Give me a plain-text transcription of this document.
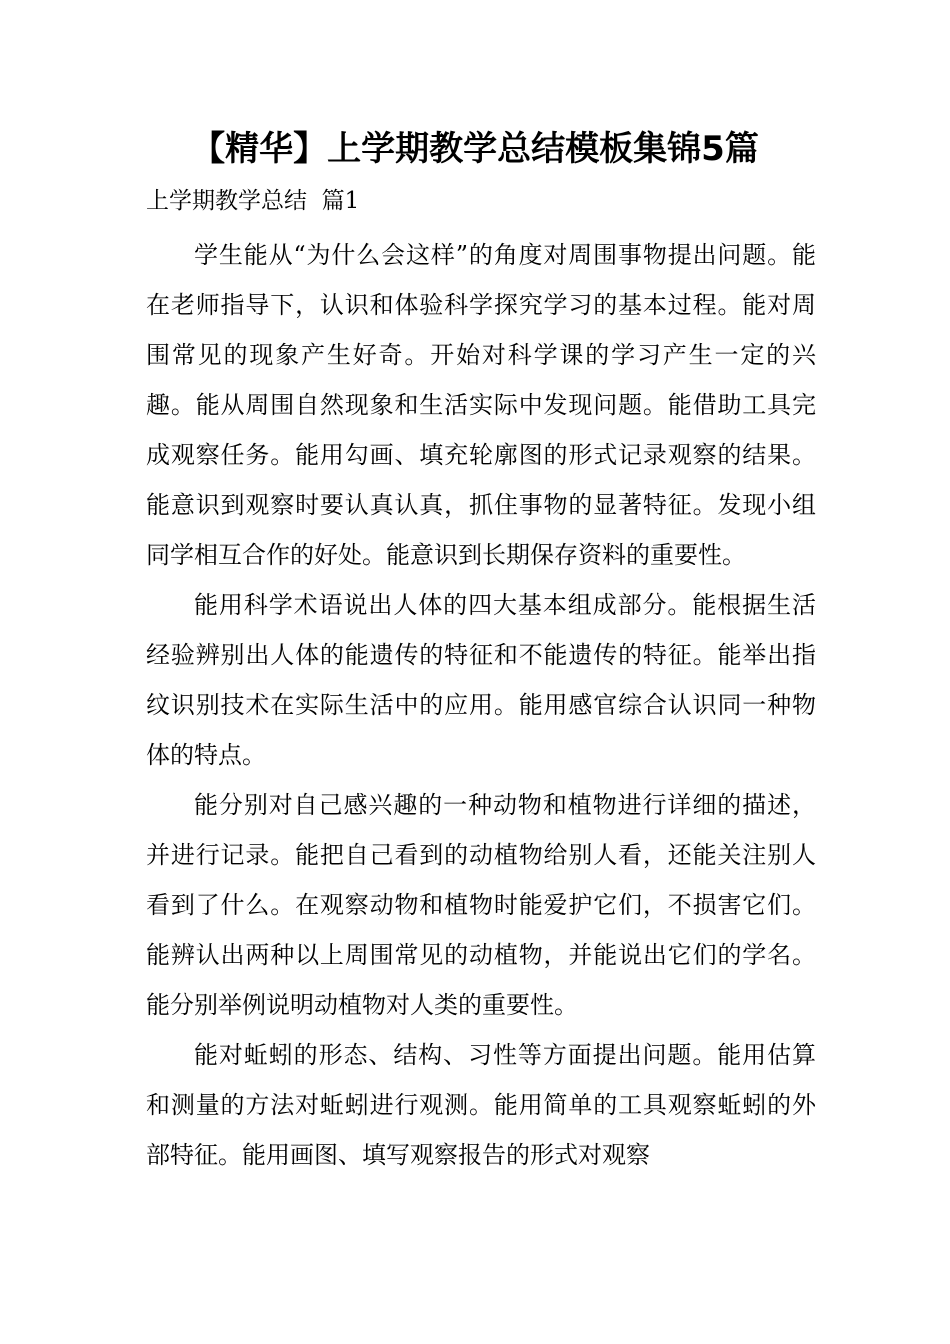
【精华】上学期教学总结模板集锦5篇
上学期教学总结  篇1

学生能从“为什么会这样”的角度对周围事物提出问题。能在老师指导下，认识和体验科学探究学习的基本过程。能对周围常见的现象产生好奇。开始对科学课的学习产生一定的兴趣。能从周围自然现象和生活实际中发现问题。能借助工具完成观察任务。能用勾画、填充轮廓图的形式记录观察的结果。能意识到观察时要认真认真，抓住事物的显著特征。发现小组同学相互合作的好处。能意识到长期保存资料的重要性。

能用科学术语说出人体的四大基本组成部分。能根据生活经验辨别出人体的能遗传的特征和不能遗传的特征。能举出指纹识别技术在实际生活中的应用。能用感官综合认识同一种物体的特点。

能分别对自己感兴趣的一种动物和植物进行详细的描述，并进行记录。能把自己看到的动植物给别人看，还能关注别人看到了什么。在观察动物和植物时能爱护它们，不损害它们。能辨认出两种以上周围常见的动植物，并能说出它们的学名。能分别举例说明动植物对人类的重要性。

能对蚯蚓的形态、结构、习性等方面提出问题。能用估算和测量的方法对蚯蚓进行观测。能用简单的工具观察蚯蚓的外部特征。能用画图、填写观察报告的形式对观察
